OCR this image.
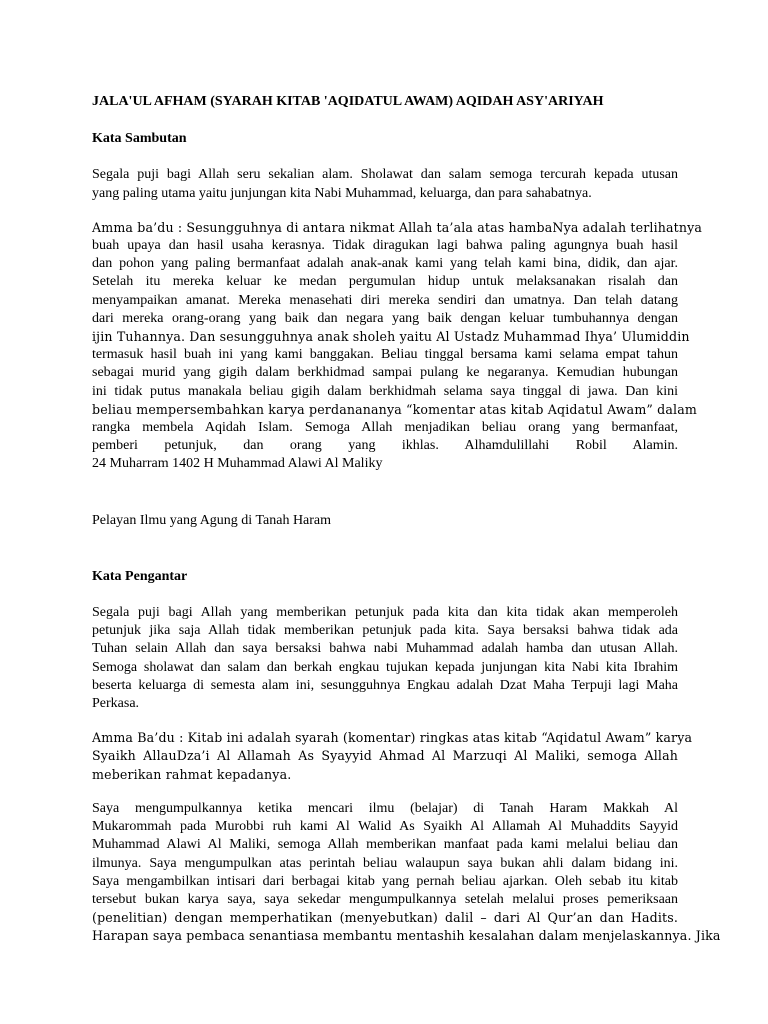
JALA'UL AFHAM (SYARAH KITAB 'AQIDATUL AWAM) AQIDAH ASY'ARIYAH
Kata Sambutan
Segala puji bagi Allah seru sekalian alam. Sholawat dan salam semoga tercurah kepada utusan
yang paling utama yaitu junjungan kita Nabi Muhammad, keluarga, dan para sahabatnya.
Amma ba’du : Sesungguhnya di antara nikmat Allah ta’ala atas hambaNya adalah terlihatnya
buah upaya dan hasil usaha kerasnya. Tidak diragukan lagi bahwa paling agungnya buah hasil
dan pohon yang paling bermanfaat adalah anak-anak kami yang telah kami bina, didik, dan ajar.
Setelah itu mereka keluar ke medan pergumulan hidup untuk melaksanakan risalah dan
menyampaikan amanat. Mereka menasehati diri mereka sendiri dan umatnya. Dan telah datang
dari mereka orang-orang yang baik dan negara yang baik dengan keluar tumbuhannya dengan
ijin Tuhannya. Dan sesungguhnya anak sholeh yaitu Al Ustadz Muhammad Ihya’ Ulumiddin
termasuk hasil buah ini yang kami banggakan. Beliau tinggal bersama kami selama empat tahun
sebagai murid yang gigih dalam berkhidmad sampai pulang ke negaranya. Kemudian hubungan
ini tidak putus manakala beliau gigih dalam berkhidmah selama saya tinggal di jawa. Dan kini
beliau mempersembahkan karya perdanananya “komentar atas kitab Aqidatul Awam” dalam
rangka membela Aqidah Islam. Semoga Allah menjadikan beliau orang yang bermanfaat,
pemberi petunjuk, dan orang yang ikhlas. Alhamdulillahi Robil Alamin.
24 Muharram 1402 H Muhammad Alawi Al Maliky
Pelayan Ilmu yang Agung di Tanah Haram
Kata Pengantar
Segala puji bagi Allah yang memberikan petunjuk pada kita dan kita tidak akan memperoleh
petunjuk jika saja Allah tidak memberikan petunjuk pada kita. Saya bersaksi bahwa tidak ada
Tuhan selain Allah dan saya bersaksi bahwa nabi Muhammad adalah hamba dan utusan Allah.
Semoga sholawat dan salam dan berkah engkau tujukan kepada junjungan kita Nabi kita Ibrahim
beserta keluarga di semesta alam ini, sesungguhnya Engkau adalah Dzat Maha Terpuji lagi Maha
Perkasa.
Amma Ba’du : Kitab ini adalah syarah (komentar) ringkas atas kitab “Aqidatul Awam” karya
Syaikh AllauDza’i Al Allamah As Syayyid Ahmad Al Marzuqi Al Maliki, semoga Allah
meberikan rahmat kepadanya.
Saya mengumpulkannya ketika mencari ilmu (belajar) di Tanah Haram Makkah Al
Mukarommah pada Murobbi ruh kami Al Walid As Syaikh Al Allamah Al Muhaddits Sayyid
Muhammad Alawi Al Maliki, semoga Allah memberikan manfaat pada kami melalui beliau dan
ilmunya. Saya mengumpulkan atas perintah beliau walaupun saya bukan ahli dalam bidang ini.
Saya mengambilkan intisari dari berbagai kitab yang pernah beliau ajarkan. Oleh sebab itu kitab
tersebut bukan karya saya, saya sekedar mengumpulkannya setelah melalui proses pemeriksaan
(penelitian) dengan memperhatikan (menyebutkan) dalil – dari Al Qur’an dan Hadits.
Harapan saya pembaca senantiasa membantu mentashih kesalahan dalam menjelaskannya. Jika
